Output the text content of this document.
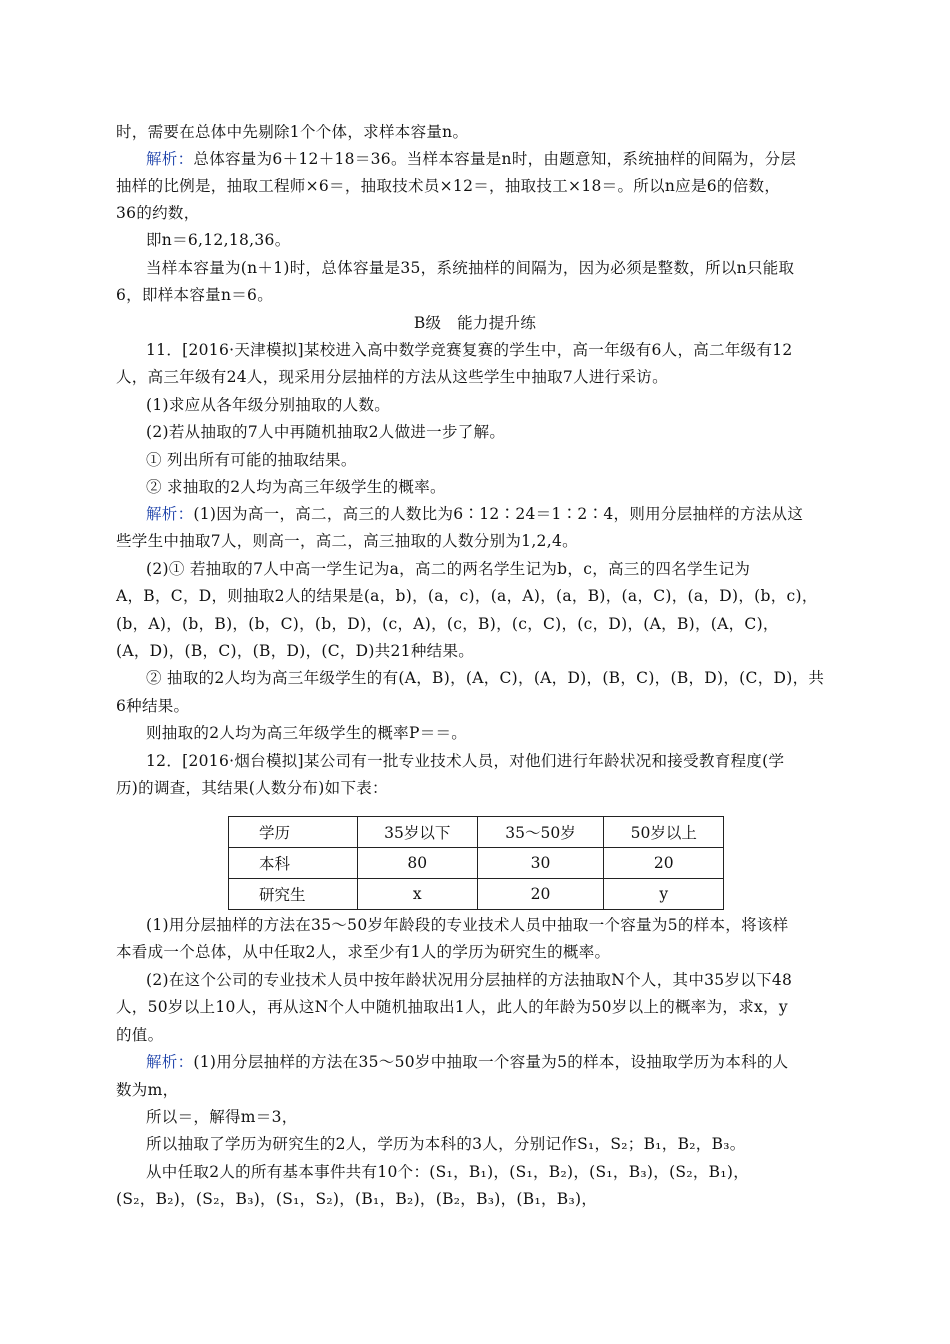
时，需要在总体中先剔除1个个体，求样本容量n。
解析：总体容量为6＋12＋18＝36。当样本容量是n时，由题意知，系统抽样的间隔为，分层
抽样的比例是，抽取工程师×6＝，抽取技术员×12＝，抽取技工×18＝。所以n应是6的倍数，
36的约数，
即n＝6,12,18,36。
当样本容量为(n＋1)时，总体容量是35，系统抽样的间隔为，因为必须是整数，所以n只能取
6，即样本容量n＝6。
B级　能力提升练
11．[2016·天津模拟]某校进入高中数学竞赛复赛的学生中，高一年级有6人，高二年级有12
人，高三年级有24人，现采用分层抽样的方法从这些学生中抽取7人进行采访。
(1)求应从各年级分别抽取的人数。
(2)若从抽取的7人中再随机抽取2人做进一步了解。
① 列出所有可能的抽取结果。
② 求抽取的2人均为高三年级学生的概率。
解析：(1)因为高一，高二，高三的人数比为6∶12∶24＝1∶2∶4，则用分层抽样的方法从这
些学生中抽取7人，则高一，高二，高三抽取的人数分别为1,2,4。
(2)① 若抽取的7人中高一学生记为a，高二的两名学生记为b，c，高三的四名学生记为
A，B，C，D，则抽取2人的结果是(a，b)，(a，c)，(a，A)，(a，B)，(a，C)，(a，D)，(b，c)，
(b，A)，(b，B)，(b，C)，(b，D)，(c，A)，(c，B)，(c，C)，(c，D)，(A，B)，(A，C)，
(A，D)，(B，C)，(B，D)，(C，D)共21种结果。
② 抽取的2人均为高三年级学生的有(A，B)，(A，C)，(A，D)，(B，C)，(B，D)，(C，D)，共
6种结果。
则抽取的2人均为高三年级学生的概率P＝＝。
12．[2016·烟台模拟]某公司有一批专业技术人员，对他们进行年龄状况和接受教育程度(学
历)的调查，其结果(人数分布)如下表：
学历	35岁以下	35～50岁	50岁以上
本科	80	30	20
研究生	x	20	y
(1)用分层抽样的方法在35～50岁年龄段的专业技术人员中抽取一个容量为5的样本，将该样
本看成一个总体，从中任取2人，求至少有1人的学历为研究生的概率。
(2)在这个公司的专业技术人员中按年龄状况用分层抽样的方法抽取N个人，其中35岁以下48
人，50岁以上10人，再从这N个人中随机抽取出1人，此人的年龄为50岁以上的概率为，求x，y
的值。
解析：(1)用分层抽样的方法在35～50岁中抽取一个容量为5的样本，设抽取学历为本科的人
数为m，
所以＝，解得m＝3，
所以抽取了学历为研究生的2人，学历为本科的3人，分别记作S₁，S₂；B₁，B₂，B₃。
从中任取2人的所有基本事件共有10个：(S₁，B₁)，(S₁，B₂)，(S₁，B₃)，(S₂，B₁)，
(S₂，B₂)，(S₂，B₃)，(S₁，S₂)，(B₁，B₂)，(B₂，B₃)，(B₁，B₃)，
